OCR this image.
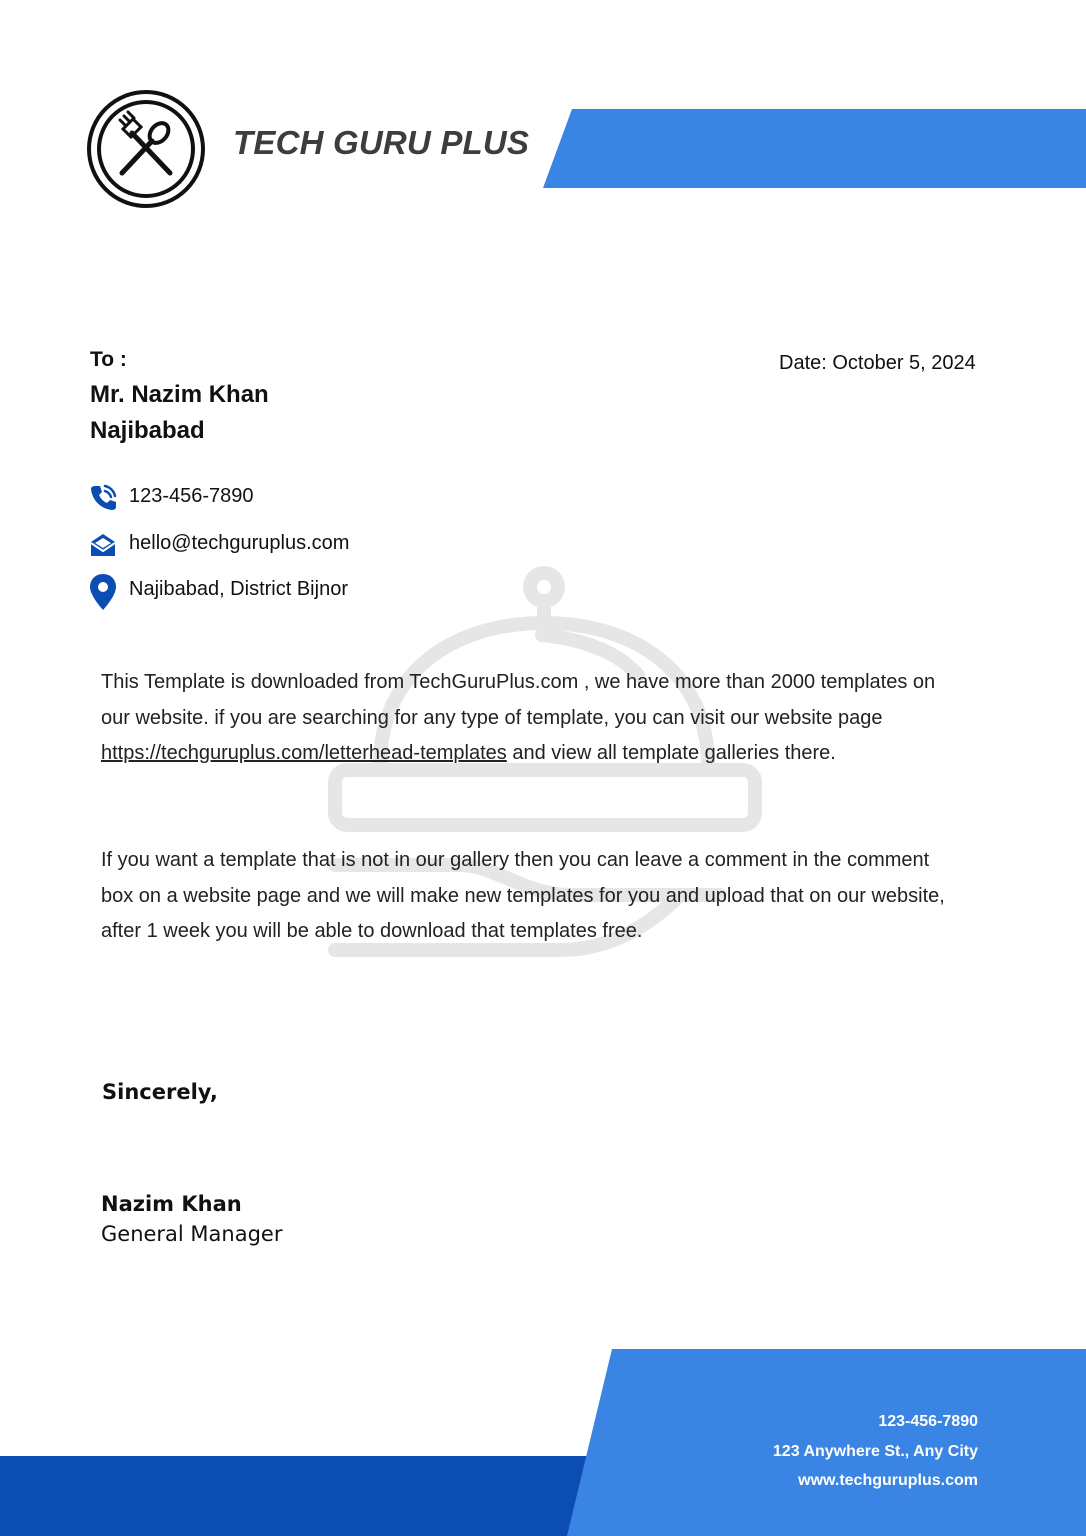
TECH GURU PLUS
To :
Mr. Nazim Khan
Najibabad
Date: October 5, 2024
123-456-7890
hello@techguruplus.com
Najibabad, District Bijnor
This Template is downloaded from TechGuruPlus.com , we have more than 2000 templates on our website. if you are searching for any type of template, you can visit our website page https://techguruplus.com/letterhead-templates and view all template galleries there.
If you want a template that is not in our gallery then you can leave a comment in the comment box on a website page and we will make new templates for you and upload that on our website, after 1 week you will be able to download that templates free.
Sincerely,
Nazim Khan
General Manager
123-456-7890
123 Anywhere St., Any City
www.techguruplus.com
